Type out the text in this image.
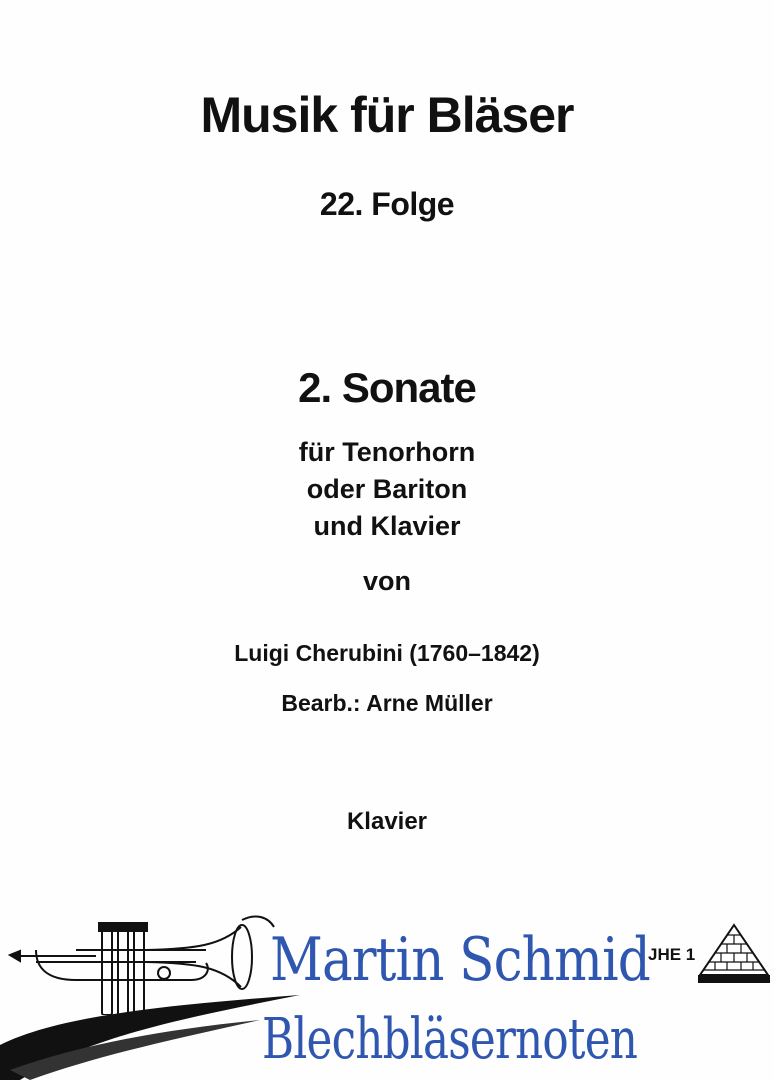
Musik für Bläser
22. Folge
2. Sonate
für Tenorhorn
oder Bariton
und Klavier
von
Luigi Cherubini (1760–1842)
Bearb.: Arne Müller
Klavier
Martin Schmid
Blechbläsernoten
JHE 1
